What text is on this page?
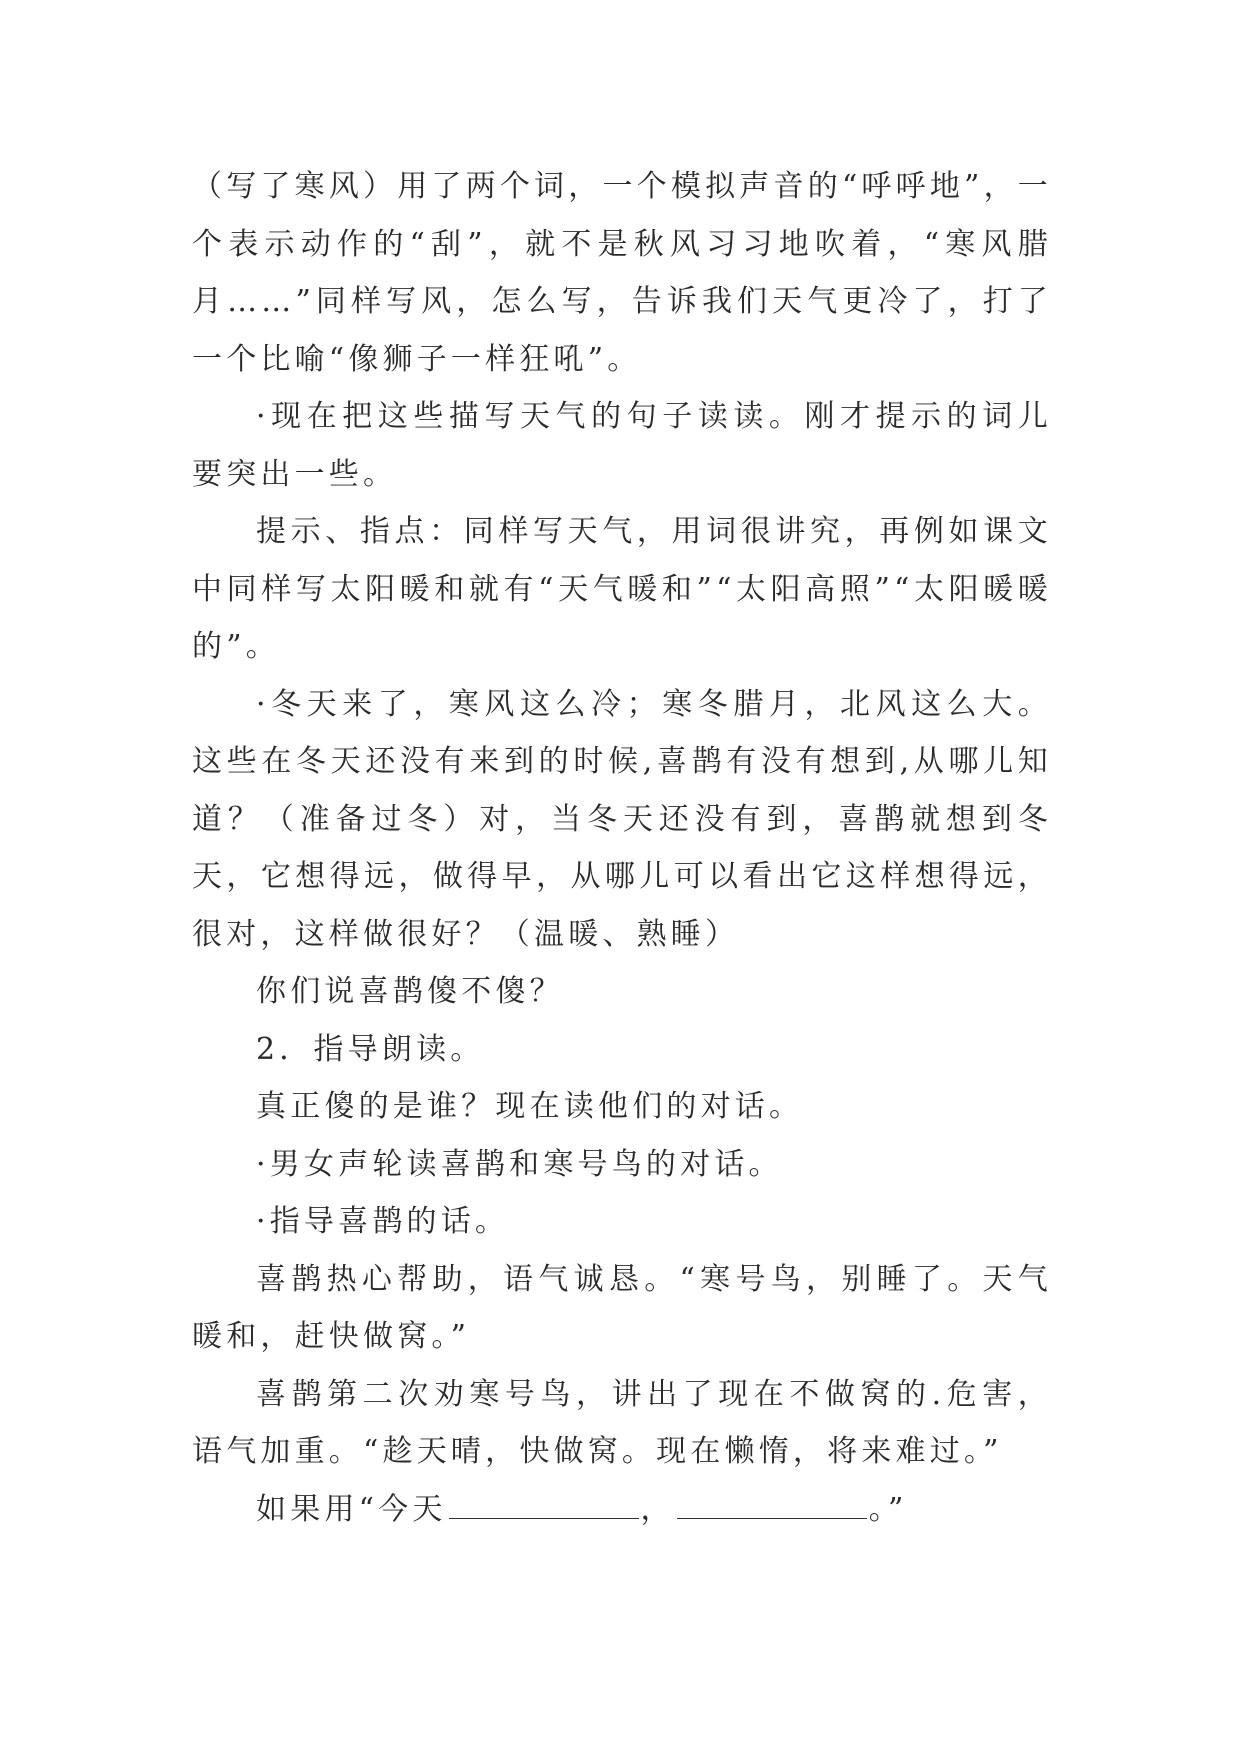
（写了寒风）用了两个词，一个模拟声音的“呼呼地”，一个表示动作的“刮”，就不是秋风习习地吹着，“寒风腊月……”同样写风，怎么写，告诉我们天气更冷了，打了一个比喻“像狮子一样狂吼”。

·现在把这些描写天气的句子读读。刚才提示的词儿要突出一些。

提示、指点：同样写天气，用词很讲究，再例如课文中同样写太阳暖和就有“天气暖和”“太阳高照”“太阳暖暖的”。

·冬天来了，寒风这么冷；寒冬腊月，北风这么大。这些在冬天还没有来到的时候,喜鹊有没有想到,从哪儿知道？（准备过冬）对，当冬天还没有到，喜鹊就想到冬天，它想得远，做得早，从哪儿可以看出它这样想得远，很对，这样做很好？（温暖、熟睡）

你们说喜鹊傻不傻？

2．指导朗读。

真正傻的是谁？现在读他们的对话。

·男女声轮读喜鹊和寒号鸟的对话。

·指导喜鹊的话。

喜鹊热心帮助，语气诚恳。“寒号鸟，别睡了。天气暖和，赶快做窝。”

喜鹊第二次劝寒号鸟，讲出了现在不做窝的.危害，语气加重。“趁天晴，快做窝。现在懒惰，将来难过。”

如果用“今天	，	。”
